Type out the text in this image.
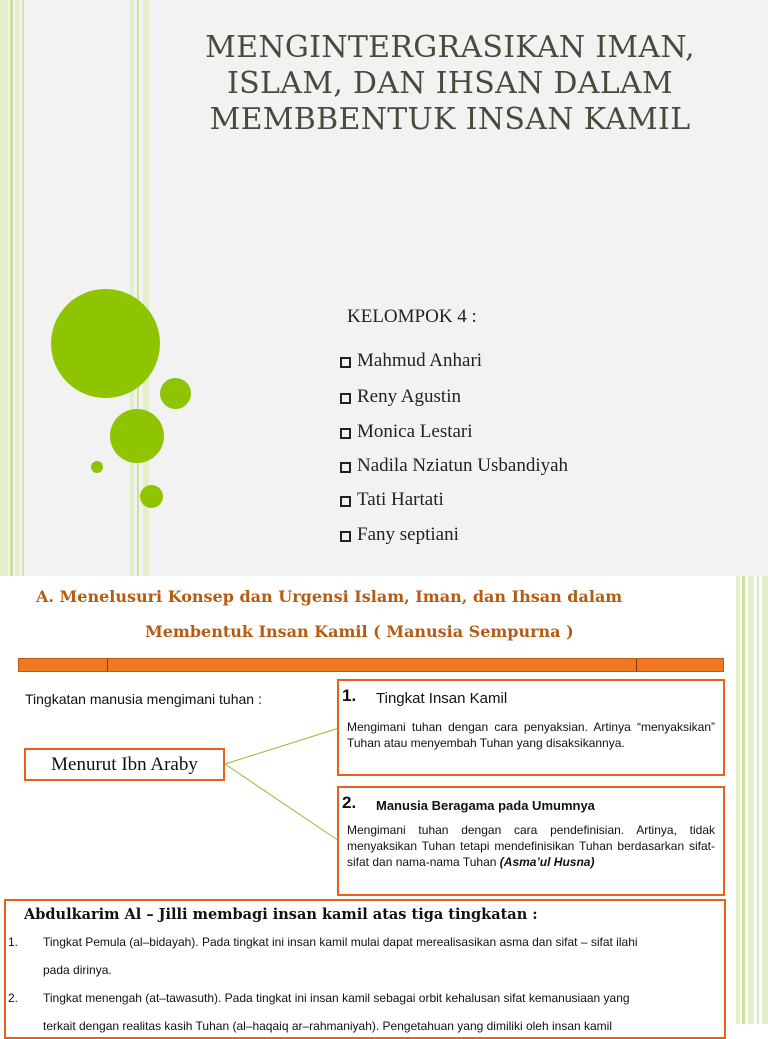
MENGINTERGRASIKAN IMAN,
ISLAM, DAN IHSAN DALAM
MEMBBENTUK INSAN KAMIL
KELOMPOK 4 :
Mahmud Anhari
Reny Agustin
Monica Lestari
Nadila Nziatun Usbandiyah
Tati Hartati
Fany septiani
A. Menelusuri Konsep dan Urgensi Islam, Iman, dan Ihsan dalam
Membentuk Insan Kamil ( Manusia Sempurna )
Tingkatan manusia mengimani tuhan :
Menurut Ibn Araby
1. Tingkat Insan Kamil
Mengimani tuhan dengan cara penyaksian. Artinya “menyaksikan” Tuhan atau menyembah Tuhan yang disaksikannya.
2. Manusia Beragama pada Umumnya
Mengimani tuhan dengan cara pendefinisian. Artinya, tidak menyaksikan Tuhan tetapi mendefinisikan Tuhan berdasarkan sifat-sifat dan nama-nama Tuhan (Asma’ul Husna)
Abdulkarim Al – Jilli membagi insan kamil atas tiga tingkatan :
1. Tingkat Pemula (al–bidayah). Pada tingkat ini insan kamil mulai dapat merealisasikan asma dan sifat – sifat ilahi
pada dirinya.
2. Tingkat menengah (at–tawasuth). Pada tingkat ini insan kamil sebagai orbit kehalusan sifat kemanusiaan yang
terkait dengan realitas kasih Tuhan (al–haqaiq ar–rahmaniyah). Pengetahuan yang dimiliki oleh insan kamil
